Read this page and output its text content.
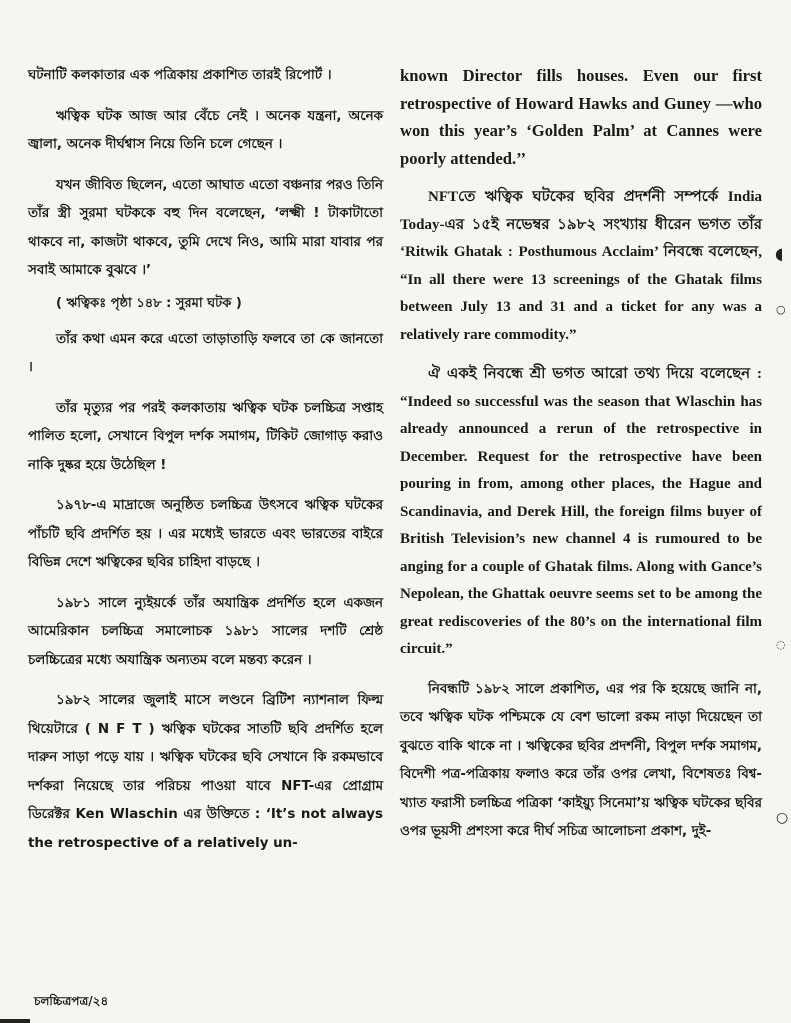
ঘটনাটি কলকাতার এক পত্রিকায় প্রকাশিত তারই রিপোর্ট ।

ঋত্বিক ঘটক আজ আর বেঁচে নেই । অনেক যন্ত্রনা, অনেক জ্বালা, অনেক দীর্ঘশ্বাস নিয়ে তিনি চলে গেছেন ।

যখন জীবিত ছিলেন, এতো আঘাত এতো বঞ্চনার পরও তিনি তাঁর স্ত্রী সুরমা ঘটককে বহু দিন বলেছেন, ‘লক্ষ্মী ! টাকাটাতো থাকবে না, কাজটা থাকবে, তুমি দেখে নিও, আমি মারা যাবার পর সবাই আমাকে বুঝবে ।’

( ঋত্বিকঃ পৃষ্ঠা ১৪৮ : সুরমা ঘটক )

তাঁর কথা এমন করে এতো তাড়াতাড়ি ফলবে তা কে জানতো ।

তাঁর মৃত্যুর পর পরই কলকাতায় ঋত্বিক ঘটক চলচ্চিত্র সপ্তাহ পালিত হলো, সেখানে বিপুল দর্শক সমাগম, টিকিট জোগাড় করাও নাকি দুষ্কর হয়ে উঠেছিল !

১৯৭৮-এ মাদ্রাজে অনুষ্ঠিত চলচ্চিত্র উৎসবে ঋত্বিক ঘটকের পাঁচটি ছবি প্রদর্শিত হয় । এর মধ্যেই ভারতে এবং ভারতের বাইরে বিভিন্ন দেশে ঋত্বিকের ছবির চাহিদা বাড়ছে ।

১৯৮১ সালে ন্যুইয়র্কে তাঁর অযান্ত্রিক প্রদর্শিত হলে একজন আমেরিকান চলচ্চিত্র সমালোচক ১৯৮১ সালের দশটি শ্রেষ্ঠ চলচ্চিত্রের মধ্যে অযান্ত্রিক অন্যতম বলে মন্তব্য করেন ।

১৯৮২ সালের জুলাই মাসে লণ্ডনে ব্রিটিশ ন্যাশনাল ফিল্ম থিয়েটারে ( N F T ) ঋত্বিক ঘটকের সাতটি ছবি প্রদর্শিত হলে দারুন সাড়া পড়ে যায় । ঋত্বিক ঘটকের ছবি সেখানে কি রকমভাবে দর্শকরা নিয়েছে তার পরিচয় পাওয়া যাবে NFT-এর প্রোগ্রাম ডিরেক্টর Ken Wlaschin এর উক্তিতে : ‘It’s not always the retrospective of a relatively un-

known Director fills houses. Even our first retrospective of Howard Hawks and Guney —who won this year’s ‘Golden Palm’ at Cannes were poorly attended.’’

NFTতে ঋত্বিক ঘটকের ছবির প্রদর্শনী সম্পর্কে India Today-এর ১৫ই নভেম্বর ১৯৮২ সংখ্যায় ধীরেন ভগত তাঁর ‘Ritwik Ghatak : Posthumous Acclaim’ নিবন্ধে বলেছেন, “In all there were 13 screenings of the Ghatak films between July 13 and 31 and a ticket for any was a relatively rare commodity.”

ঐ একই নিবন্ধে শ্রী ভগত আরো তথ্য দিয়ে বলেছেন : “Indeed so successful was the season that Wlaschin has already announced a rerun of the retrospective in December. Request for the retrospective have been pouring in from, among other places, the Hague and Scandinavia, and Derek Hill, the foreign films buyer of British Television’s new channel 4 is rumoured to be anging for a couple of Ghatak films. Along with Gance’s Nepolean, the Ghattak oeuvre seems set to be among the great rediscoveries of the 80’s on the international film circuit.”

নিবন্ধটি ১৯৮২ সালে প্রকাশিত, এর পর কি হয়েছে জানি না, তবে ঋত্বিক ঘটক পশ্চিমকে যে বেশ ভালো রকম নাড়া দিয়েছেন তা বুঝতে বাকি থাকে না । ঋত্বিকের ছবির প্রদর্শনী, বিপুল দর্শক সমাগম, বিদেশী পত্র-পত্রিকায় ফলাও করে তাঁর ওপর লেখা, বিশেষতঃ বিশ্ব-খ্যাত ফরাসী চলচ্চিত্র পত্রিকা ‘কাইয়্যু সিনেমা’য় ঋত্বিক ঘটকের ছবির ওপর ভূয়সী প্রশংসা করে দীর্ঘ সচিত্র আলোচনা প্রকাশ, দুই-

চলচ্চিত্রপত্র/২৪
◖
○
◌
○
